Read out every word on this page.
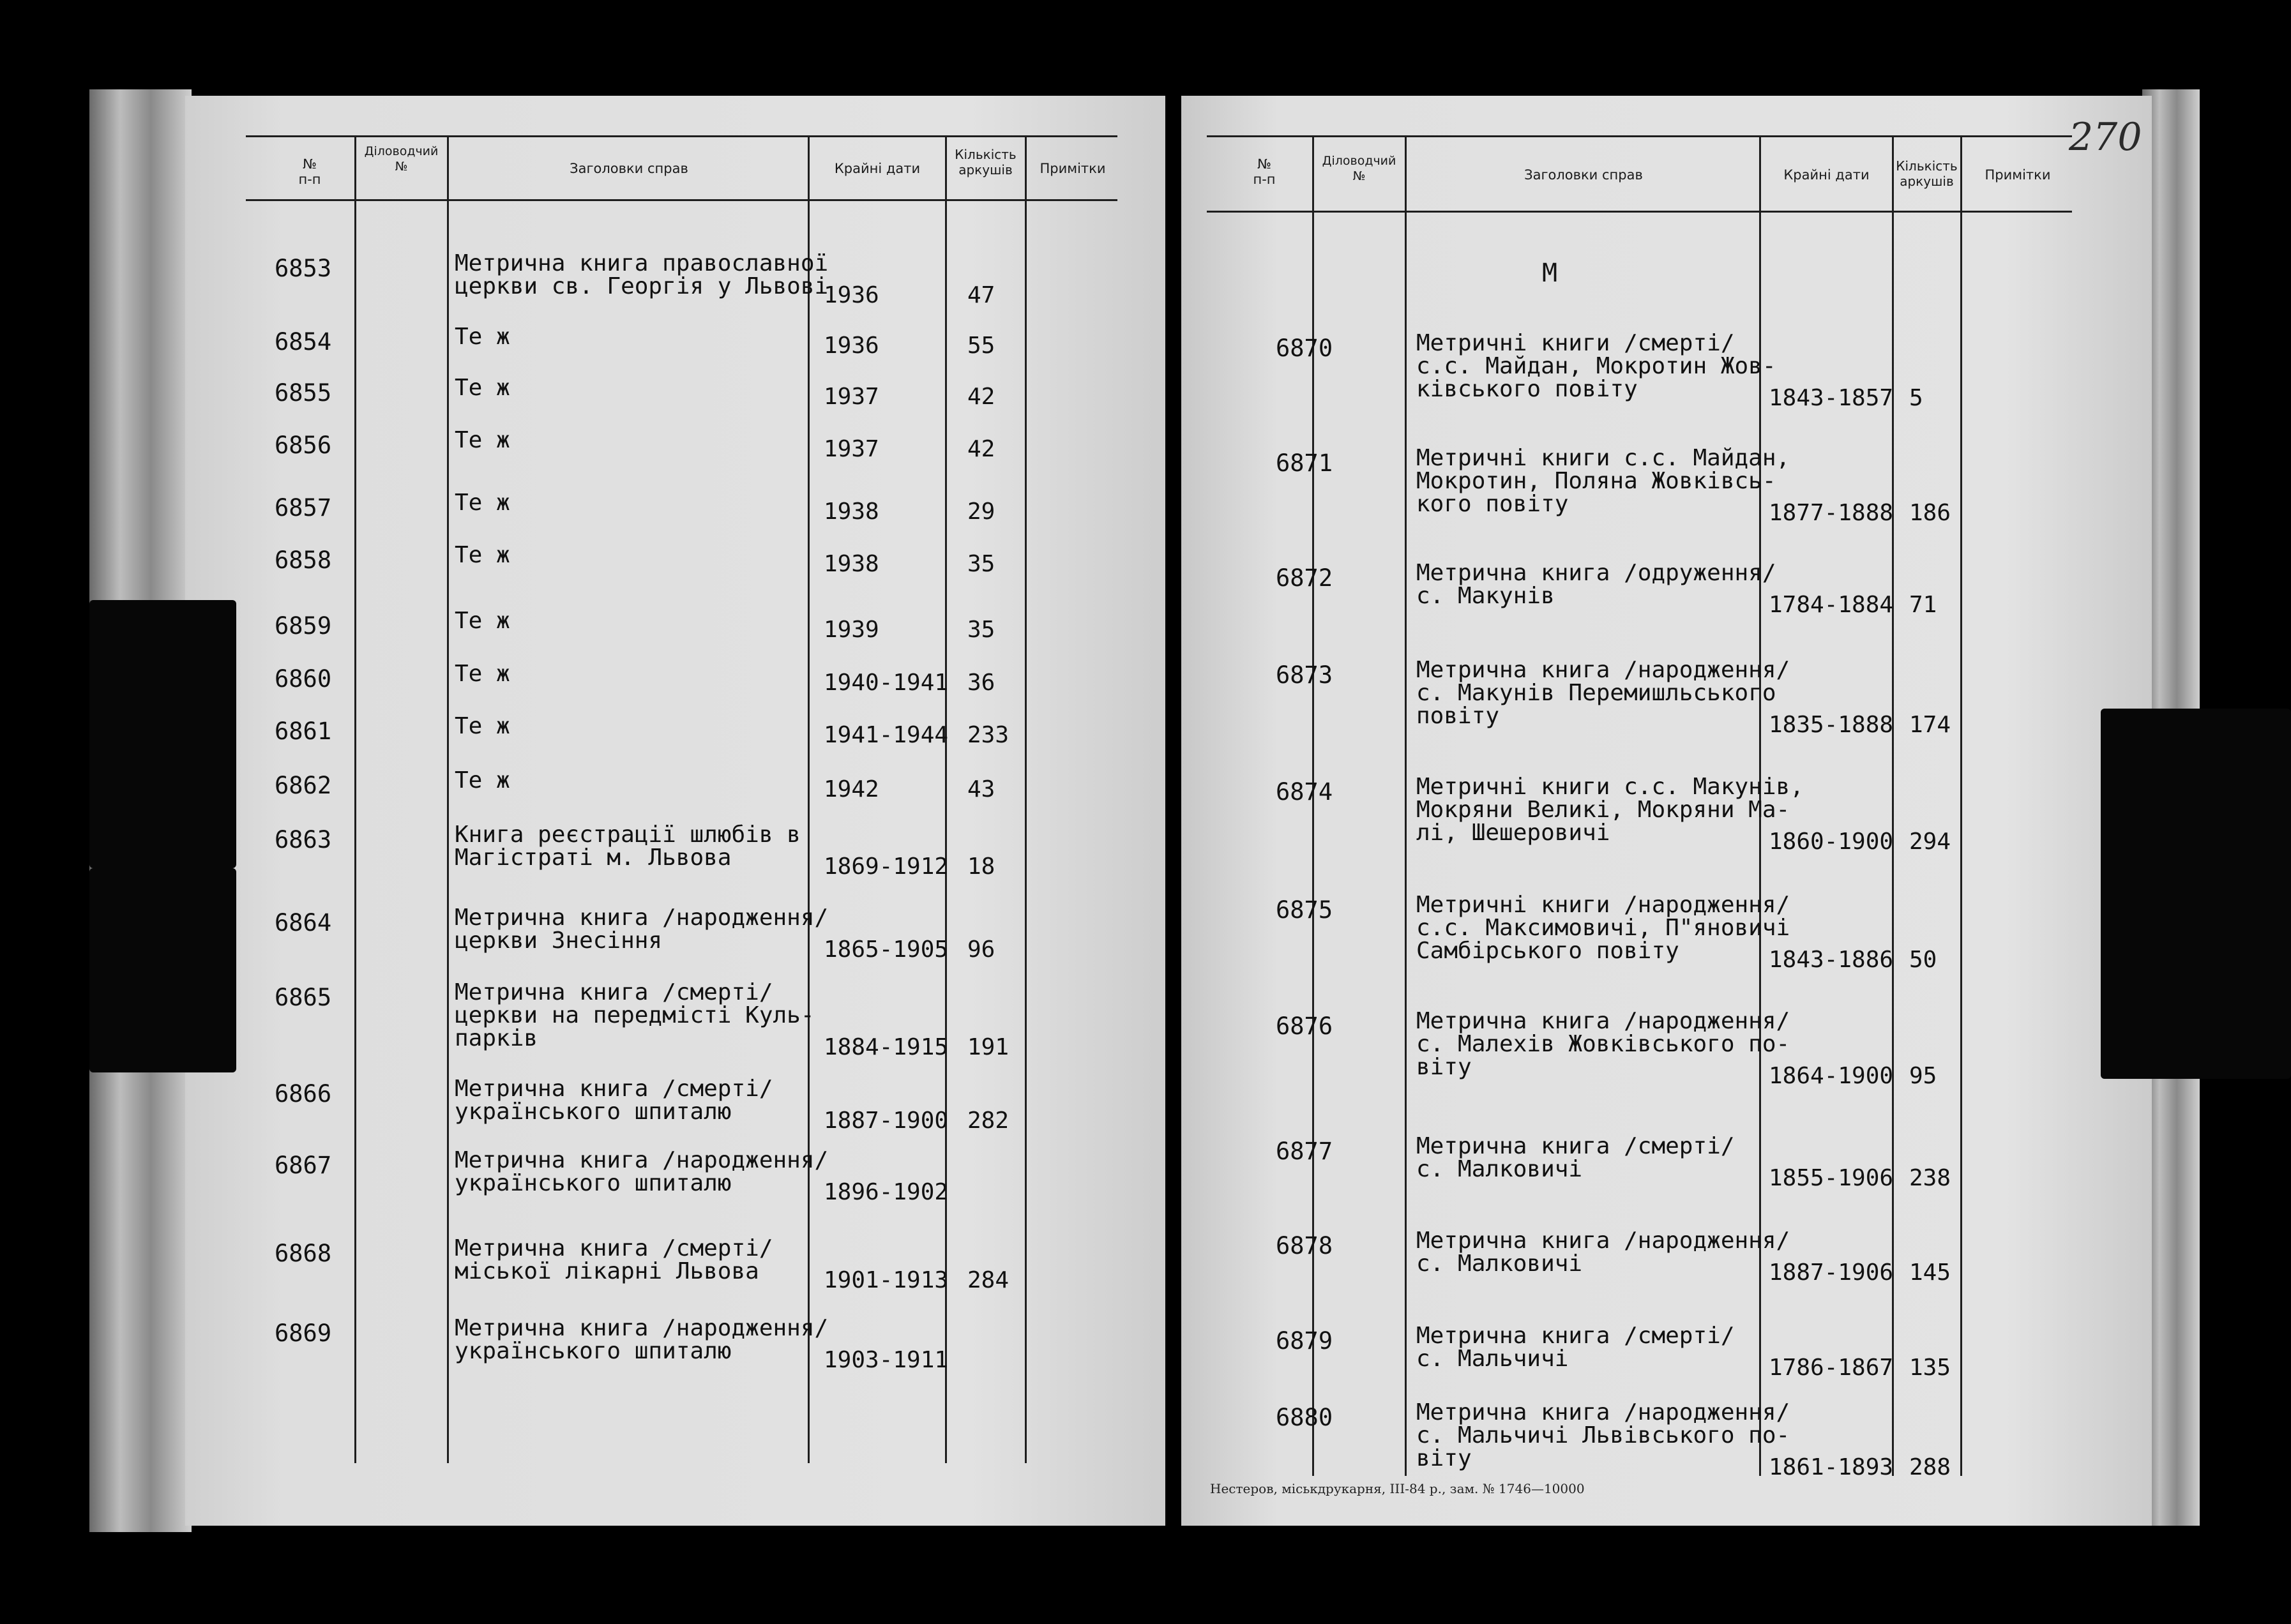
№
п-п
Діловодчий
№	Заголовки справ	Крайні дати
Кількість
аркушів	Примітки
6853	Метрична книга православної
церкви св. Георгія у Львові
1936	47
6854	Те ж	1936	55
6855	Те ж	1937	42
6856	Те ж	1937	42
6857	Те ж	1938	29
6858	Те ж	1938	35
6859	Те ж	1939	35
6860	Те ж	1940-1941 36
6861	Те ж	1941-1944 233
6862	Те ж	1942	43
6863	Книга реєстрації шлюбів в
Магістраті м. Львова	1869-1912 18
6864	Метрична книга /народження/
церкви Знесіння	1865-1905 96
6865	Метрична книга /смерті/
церкви на передмісті Куль-
парків	1884-1915 191
6866	Метрична книга /смерті/
українського шпиталю	1887-1900 282
6867	Метрична книга /народження/
українського шпиталю	1896-1902
6868	Метрична книга /смерті/
міської лікарні Львова	1901-1913 284
6869	Метрична книга /народження/
українського шпиталю	1903-1911
№
п-п
Діловодчий
№	Заголовки справ	Крайні дати
Кількість
аркушів	Примітки
М
6870	Метричні книги /смерті/
с.с. Майдан, Мокротин Жов-
ківського повіту	1843-1857 5
6871	Метричні книги с.с. Майдан,
Мокротин, Поляна Жовківсь-
кого повіту	1877-1888 186
6872	Метрична книга /одруження/
с. Макунів	1784-1884 71
6873	Метрична книга /народження/
с. Макунів Перемишльського
повіту	1835-1888 174
6874	Метричні книги с.с. Макунів,
Мокряни Великі, Мокряни Ма-
лі, Шешеровичі	1860-1900 294
6875	Метричні книги /народження/
с.с. Максимовичі, П"яновичі
Самбірського повіту	1843-1886 50
6876	Метрична книга /народження/
с. Малехів Жовківського по-
віту	1864-1900 95
6877	Метрична книга /смерті/
с. Малковичі	1855-1906 238
6878	Метрична книга /народження/
с. Малковичі	1887-1906 145
6879	Метрична книга /смерті/
с. Мальчичі	1786-1867 135
6880	Метрична книга /народження/
с. Мальчичі Львівського по-
віту	1861-1893 288
Нестеров, міськдрукарня, III-84 р., зам. № 1746—10000
270
